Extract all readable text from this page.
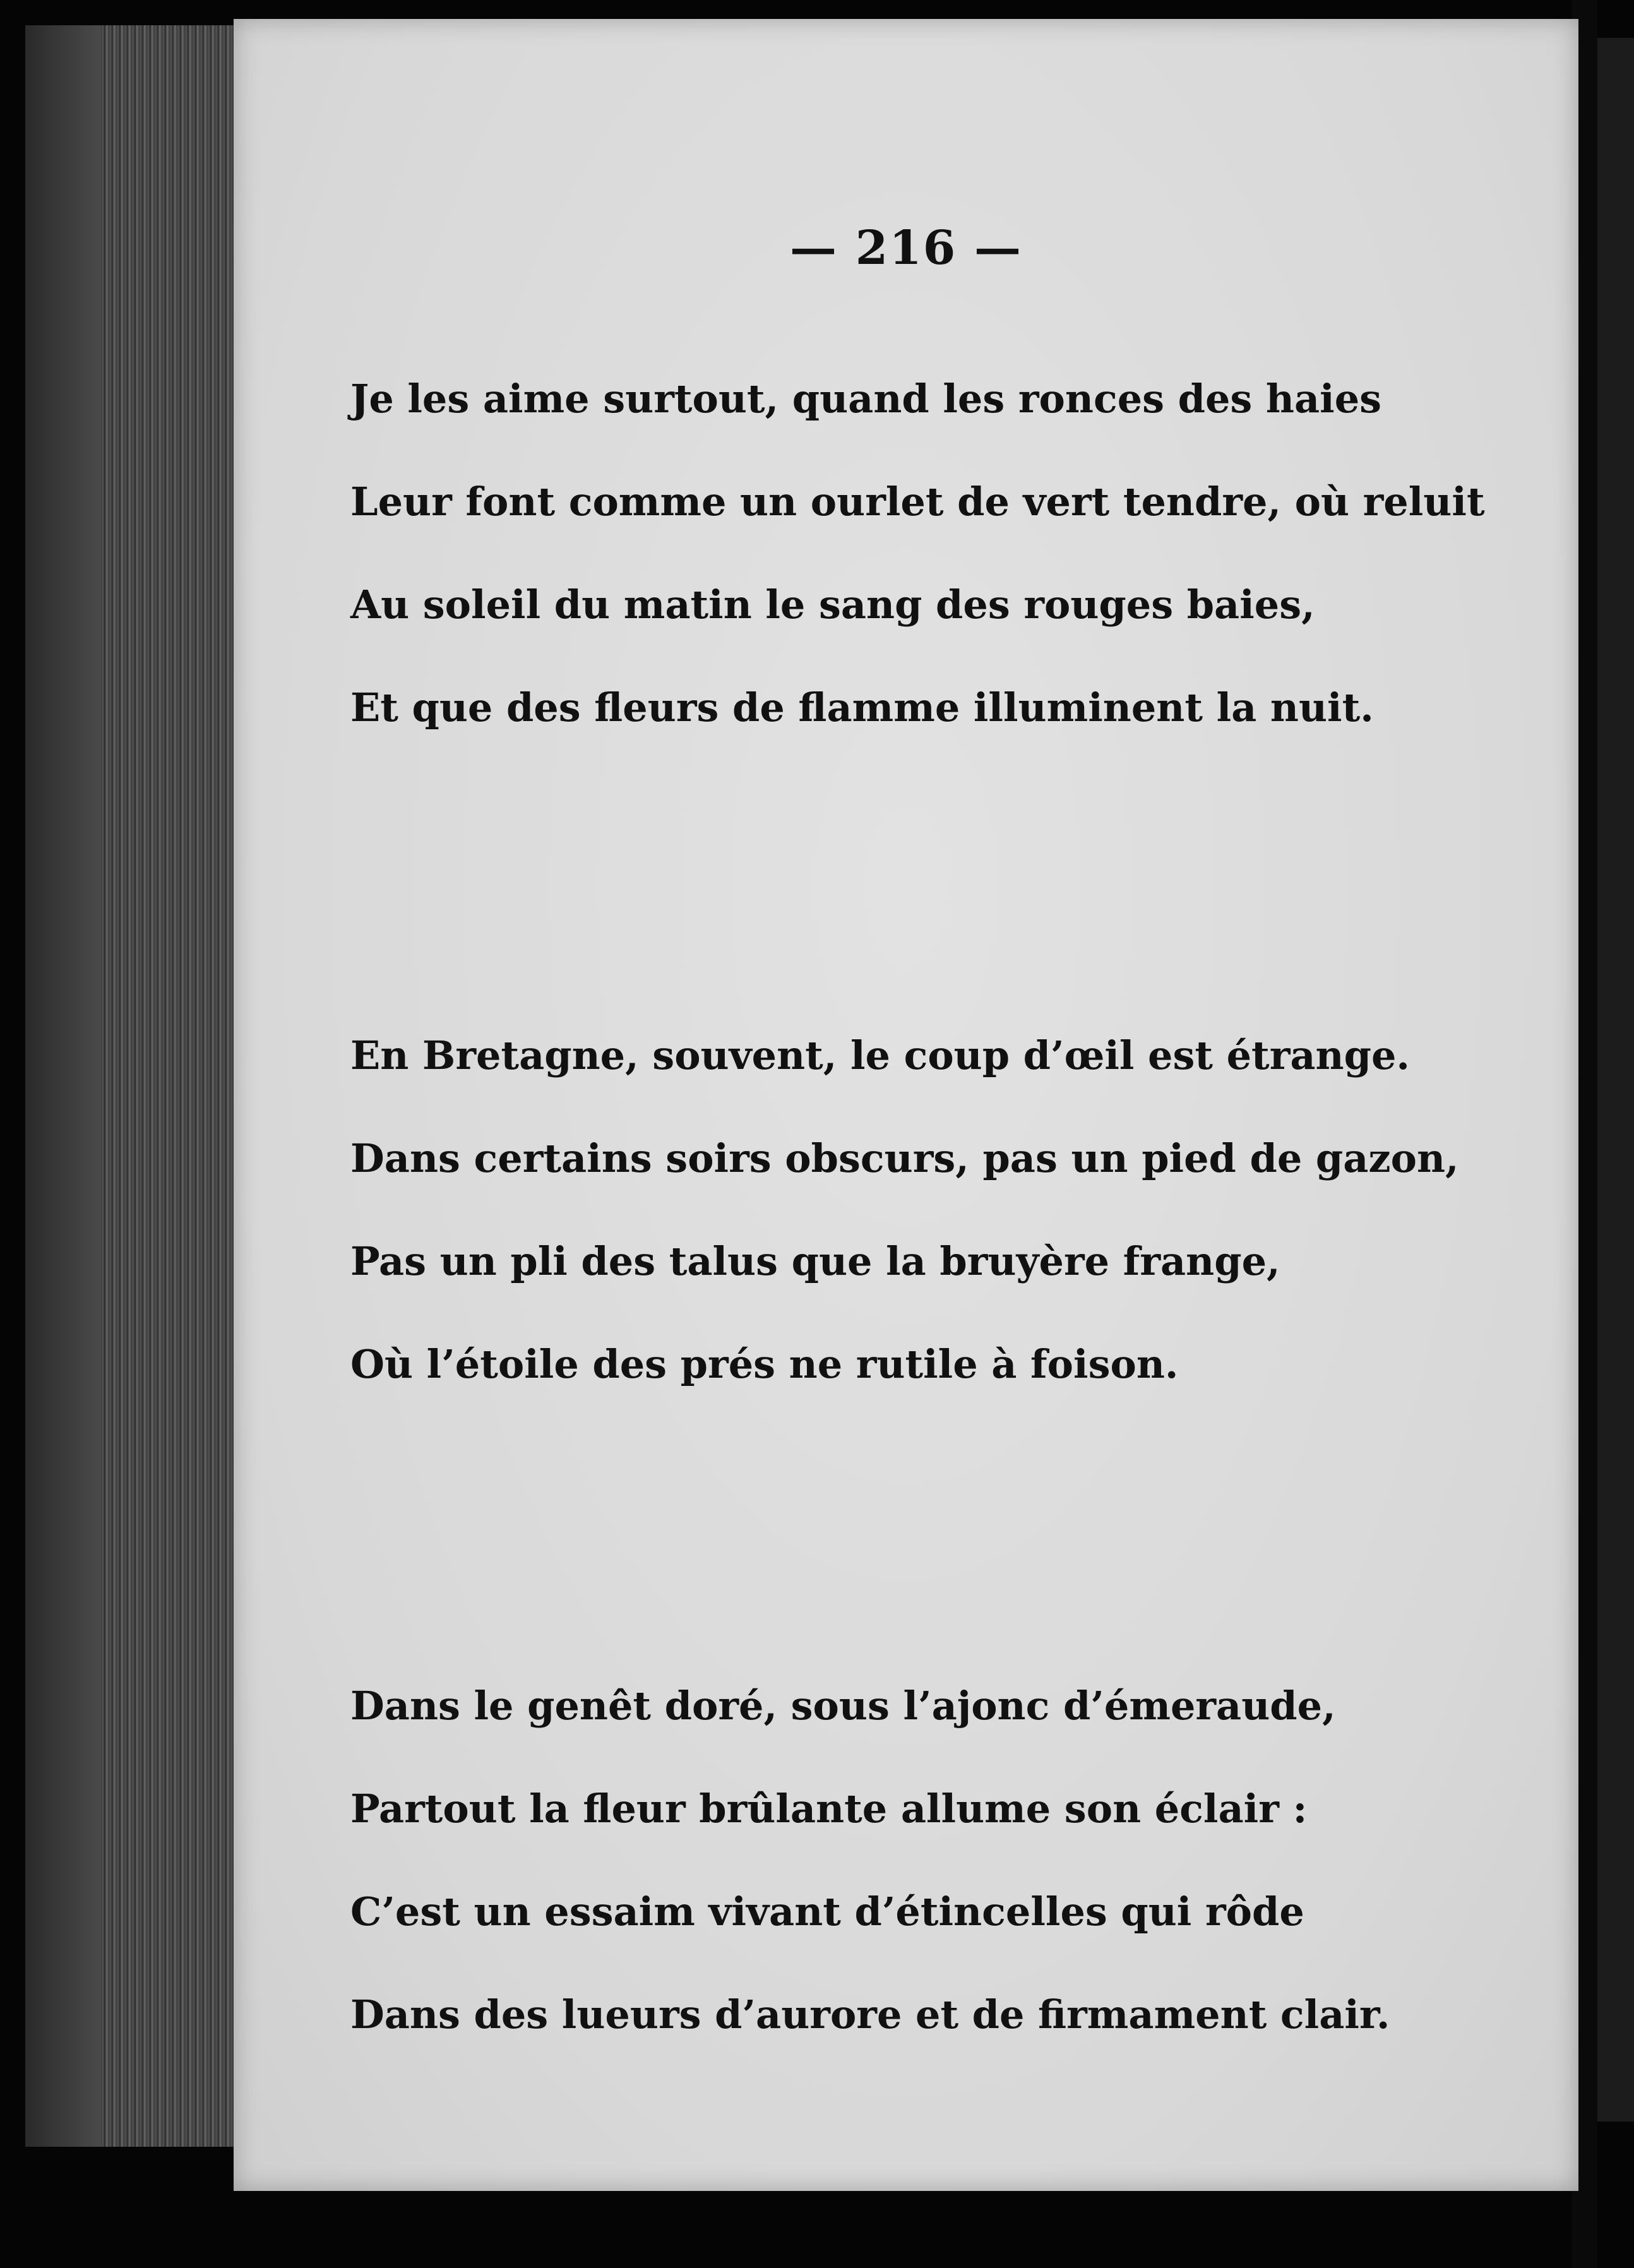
— 216 —
Je les aime surtout, quand les ronces des haies
Leur font comme un ourlet de vert tendre, où reluit
Au soleil du matin le sang des rouges baies,
Et que des fleurs de flamme illuminent la nuit.
En Bretagne, souvent, le coup d’œil est étrange.
Dans certains soirs obscurs, pas un pied de gazon,
Pas un pli des talus que la bruyère frange,
Où l’étoile des prés ne rutile à foison.
Dans le genêt doré, sous l’ajonc d’émeraude,
Partout la fleur brûlante allume son éclair :
C’est un essaim vivant d’étincelles qui rôde
Dans des lueurs d’aurore et de firmament clair.
